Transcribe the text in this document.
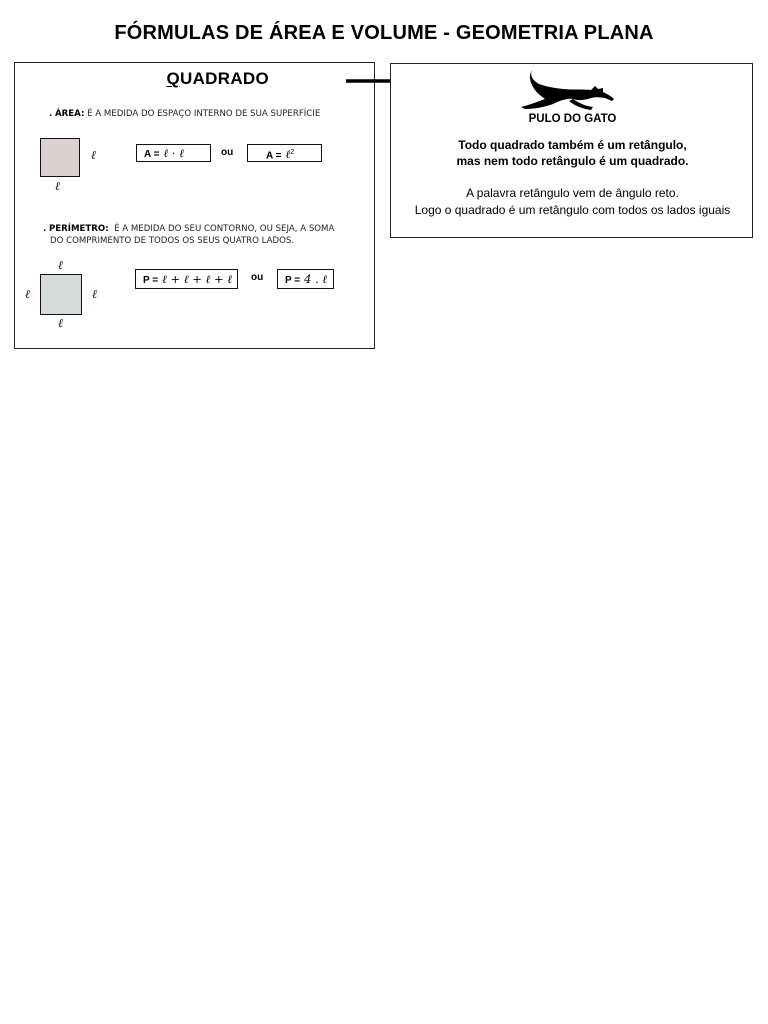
FÓRMULAS DE ÁREA E VOLUME - GEOMETRIA PLANA
QUADRADO
. ÁREA: É A MEDIDA DO ESPAÇO INTERNO DE SUA SUPERFÍCIE
ℓ
ℓ
A = ℓ · ℓ	ou	A = ℓ$^2$
. PERÍMETRO: É A MEDIDA DO SEU CONTORNO, OU SEJA, A SOMA
DO COMPRIMENTO DE TODOS OS SEUS QUATRO LADOS.
ℓ
ℓ	ℓ
ℓ
P = ℓ + ℓ + ℓ + ℓ	ou	P = 4 . ℓ
PULO DO GATO
Todo quadrado também é um retângulo,
mas nem todo retângulo é um quadrado.
A palavra retângulo vem de ângulo reto.
Logo o quadrado é um retângulo com todos os lados iguais
